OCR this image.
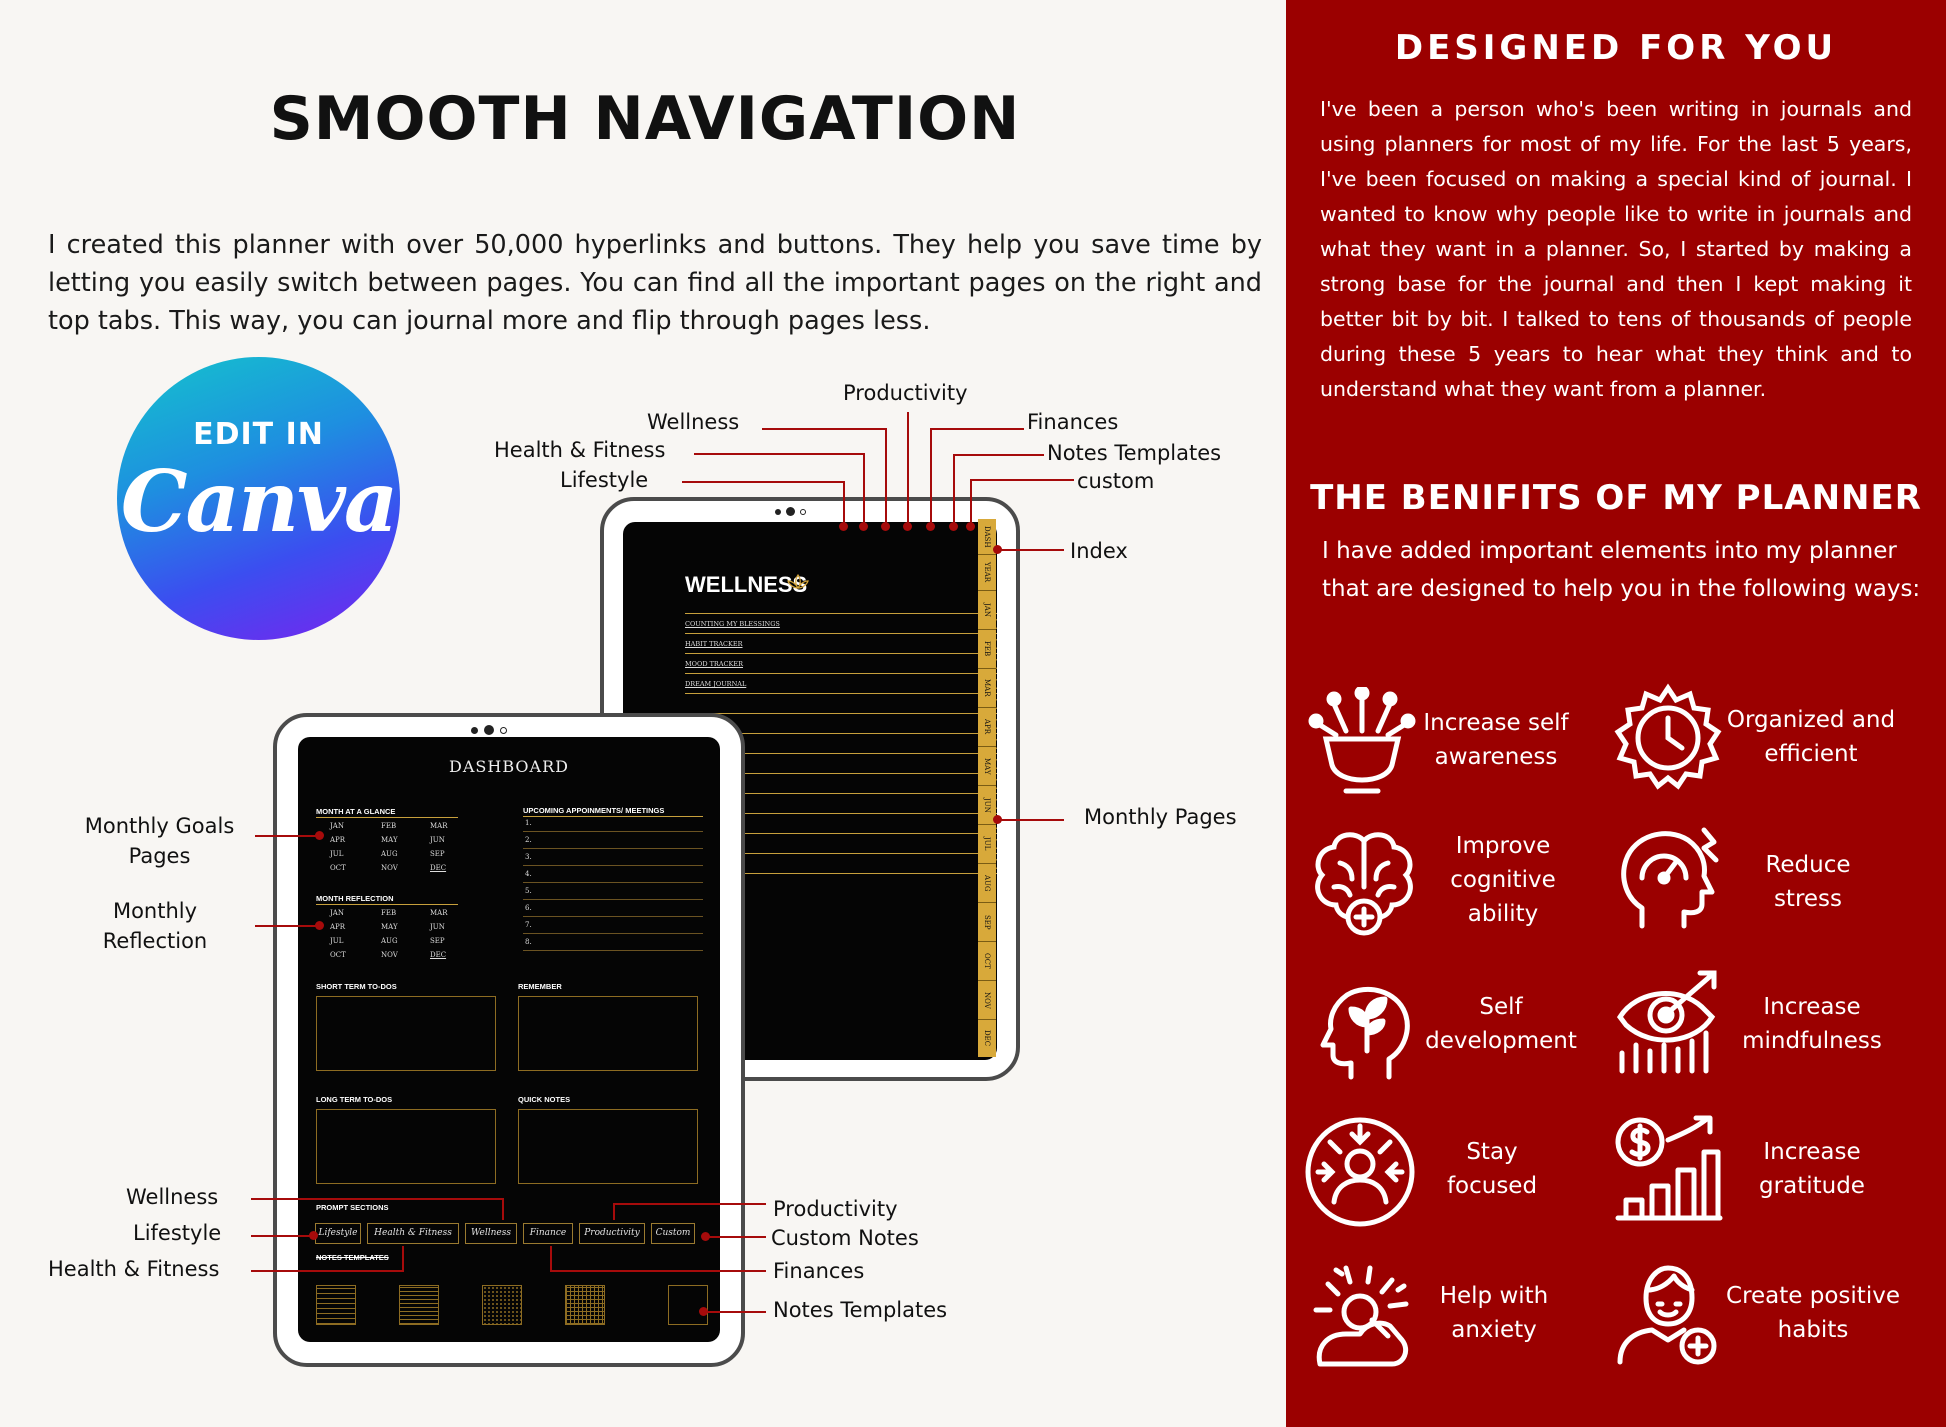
SMOOTH NAVIGATION
I created this planner with over 50,000 hyperlinks and buttons. They help you save time by letting you easily switch between pages. You can find all the important pages on the right and top tabs. This way, you can journal more and flip through pages less.
EDIT IN
Canva
WELLNESS
COUNTING MY BLESSINGS
HABIT TRACKER
MOOD TRACKER
DREAM JOURNAL
DASH
YEAR
JAN
FEB
MAR
APR
MAY
JUN
JUL
AUG
SEP
OCT
NOV
DEC
DASHBOARD
MONTH AT A GLANCE
JAN	FEB	MAR
APR	MAY	JUN
JUL	AUG	SEP
OCT	NOV	DEC
MONTH REFLECTION
JAN	FEB	MAR
APR	MAY	JUN
JUL	AUG	SEP
OCT	NOV	DEC
UPCOMING APPOINMENTS/ MEETINGS
1.
2.
3.
4.
5.
6.
7.
8.
SHORT TERM TO-DOS	REMEMBER
LONG TERM TO-DOS	QUICK NOTES
PROMPT SECTIONS
Lifestyle	Health & Fitness	Wellness	Finance	Productivity	Custom
NOTES TEMPLATES
Productivity
Wellness	Finances
Health & Fitness	Notes Templates
Lifestyle	custom
Index
Monthly Pages
Monthly Goals
Pages
Monthly
Reflection
Wellness
Lifestyle
Health & Fitness
Productivity
Custom Notes
Finances
Notes Templates
DESIGNED FOR YOU
I've been a person who's been writing in journals and using planners for most of my life. For the last 5 years, I've been focused on making a special kind of journal. I wanted to know why people like to write in journals and what they want in a planner. So, I started by making a strong base for the journal and then I kept making it better bit by bit. I talked to tens of thousands of people during these 5 years to hear what they think and to understand what they want from a planner.
THE BENIFITS OF MY PLANNER
I have added important elements into my planner that are designed to help you in the following ways:
Increase self
awareness
Organized and
efficient
Improve
cognitive
ability
Reduce
stress
Self
development
Increase
mindfulness
Stay
focused
Increase
gratitude
Help with
anxiety
Create positive
habits
